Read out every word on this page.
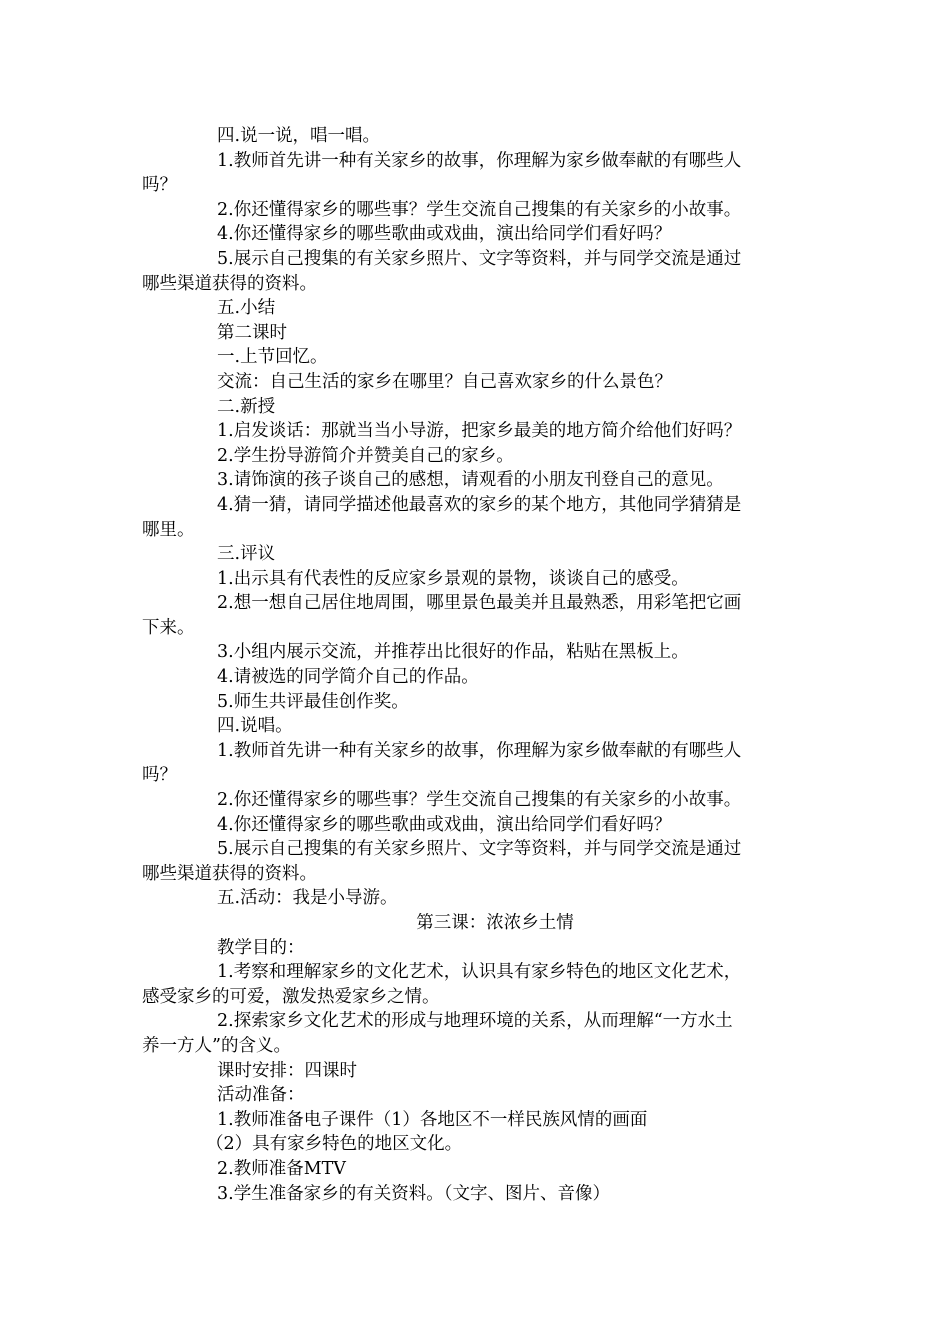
四.说一说，唱一唱。

1.教师首先讲一种有关家乡的故事，你理解为家乡做奉献的有哪些人

吗？

2.你还懂得家乡的哪些事？学生交流自己搜集的有关家乡的小故事。

4.你还懂得家乡的哪些歌曲或戏曲，演出给同学们看好吗？

5.展示自己搜集的有关家乡照片、文字等资料，并与同学交流是通过

哪些渠道获得的资料。

五.小结

第二课时

一.上节回忆。

交流：自己生活的家乡在哪里？自己喜欢家乡的什么景色？

二.新授

1.启发谈话：那就当当小导游，把家乡最美的地方简介给他们好吗？

2.学生扮导游简介并赞美自己的家乡。

3.请饰演的孩子谈自己的感想，请观看的小朋友刊登自己的意见。

4.猜一猜，请同学描述他最喜欢的家乡的某个地方，其他同学猜猜是

哪里。

三.评议

1.出示具有代表性的反应家乡景观的景物，谈谈自己的感受。

2.想一想自己居住地周围，哪里景色最美并且最熟悉，用彩笔把它画

下来。

3.小组内展示交流，并推荐出比很好的作品，粘贴在黑板上。

4.请被选的同学简介自己的作品。

5.师生共评最佳创作奖。

四.说唱。

1.教师首先讲一种有关家乡的故事，你理解为家乡做奉献的有哪些人

吗？

2.你还懂得家乡的哪些事？学生交流自己搜集的有关家乡的小故事。

4.你还懂得家乡的哪些歌曲或戏曲，演出给同学们看好吗？

5.展示自己搜集的有关家乡照片、文字等资料，并与同学交流是通过

哪些渠道获得的资料。

五.活动：我是小导游。

第三课：浓浓乡土情

教学目的：

1.考察和理解家乡的文化艺术，认识具有家乡特色的地区文化艺术，

感受家乡的可爱，激发热爱家乡之情。

2.探索家乡文化艺术的形成与地理环境的关系，从而理解“一方水土

养一方人”的含义。

课时安排：四课时

活动准备：

1.教师准备电子课件（1）各地区不一样民族风情的画面

（2）具有家乡特色的地区文化。

2.教师准备MTV

3.学生准备家乡的有关资料。（文字、图片、音像）
